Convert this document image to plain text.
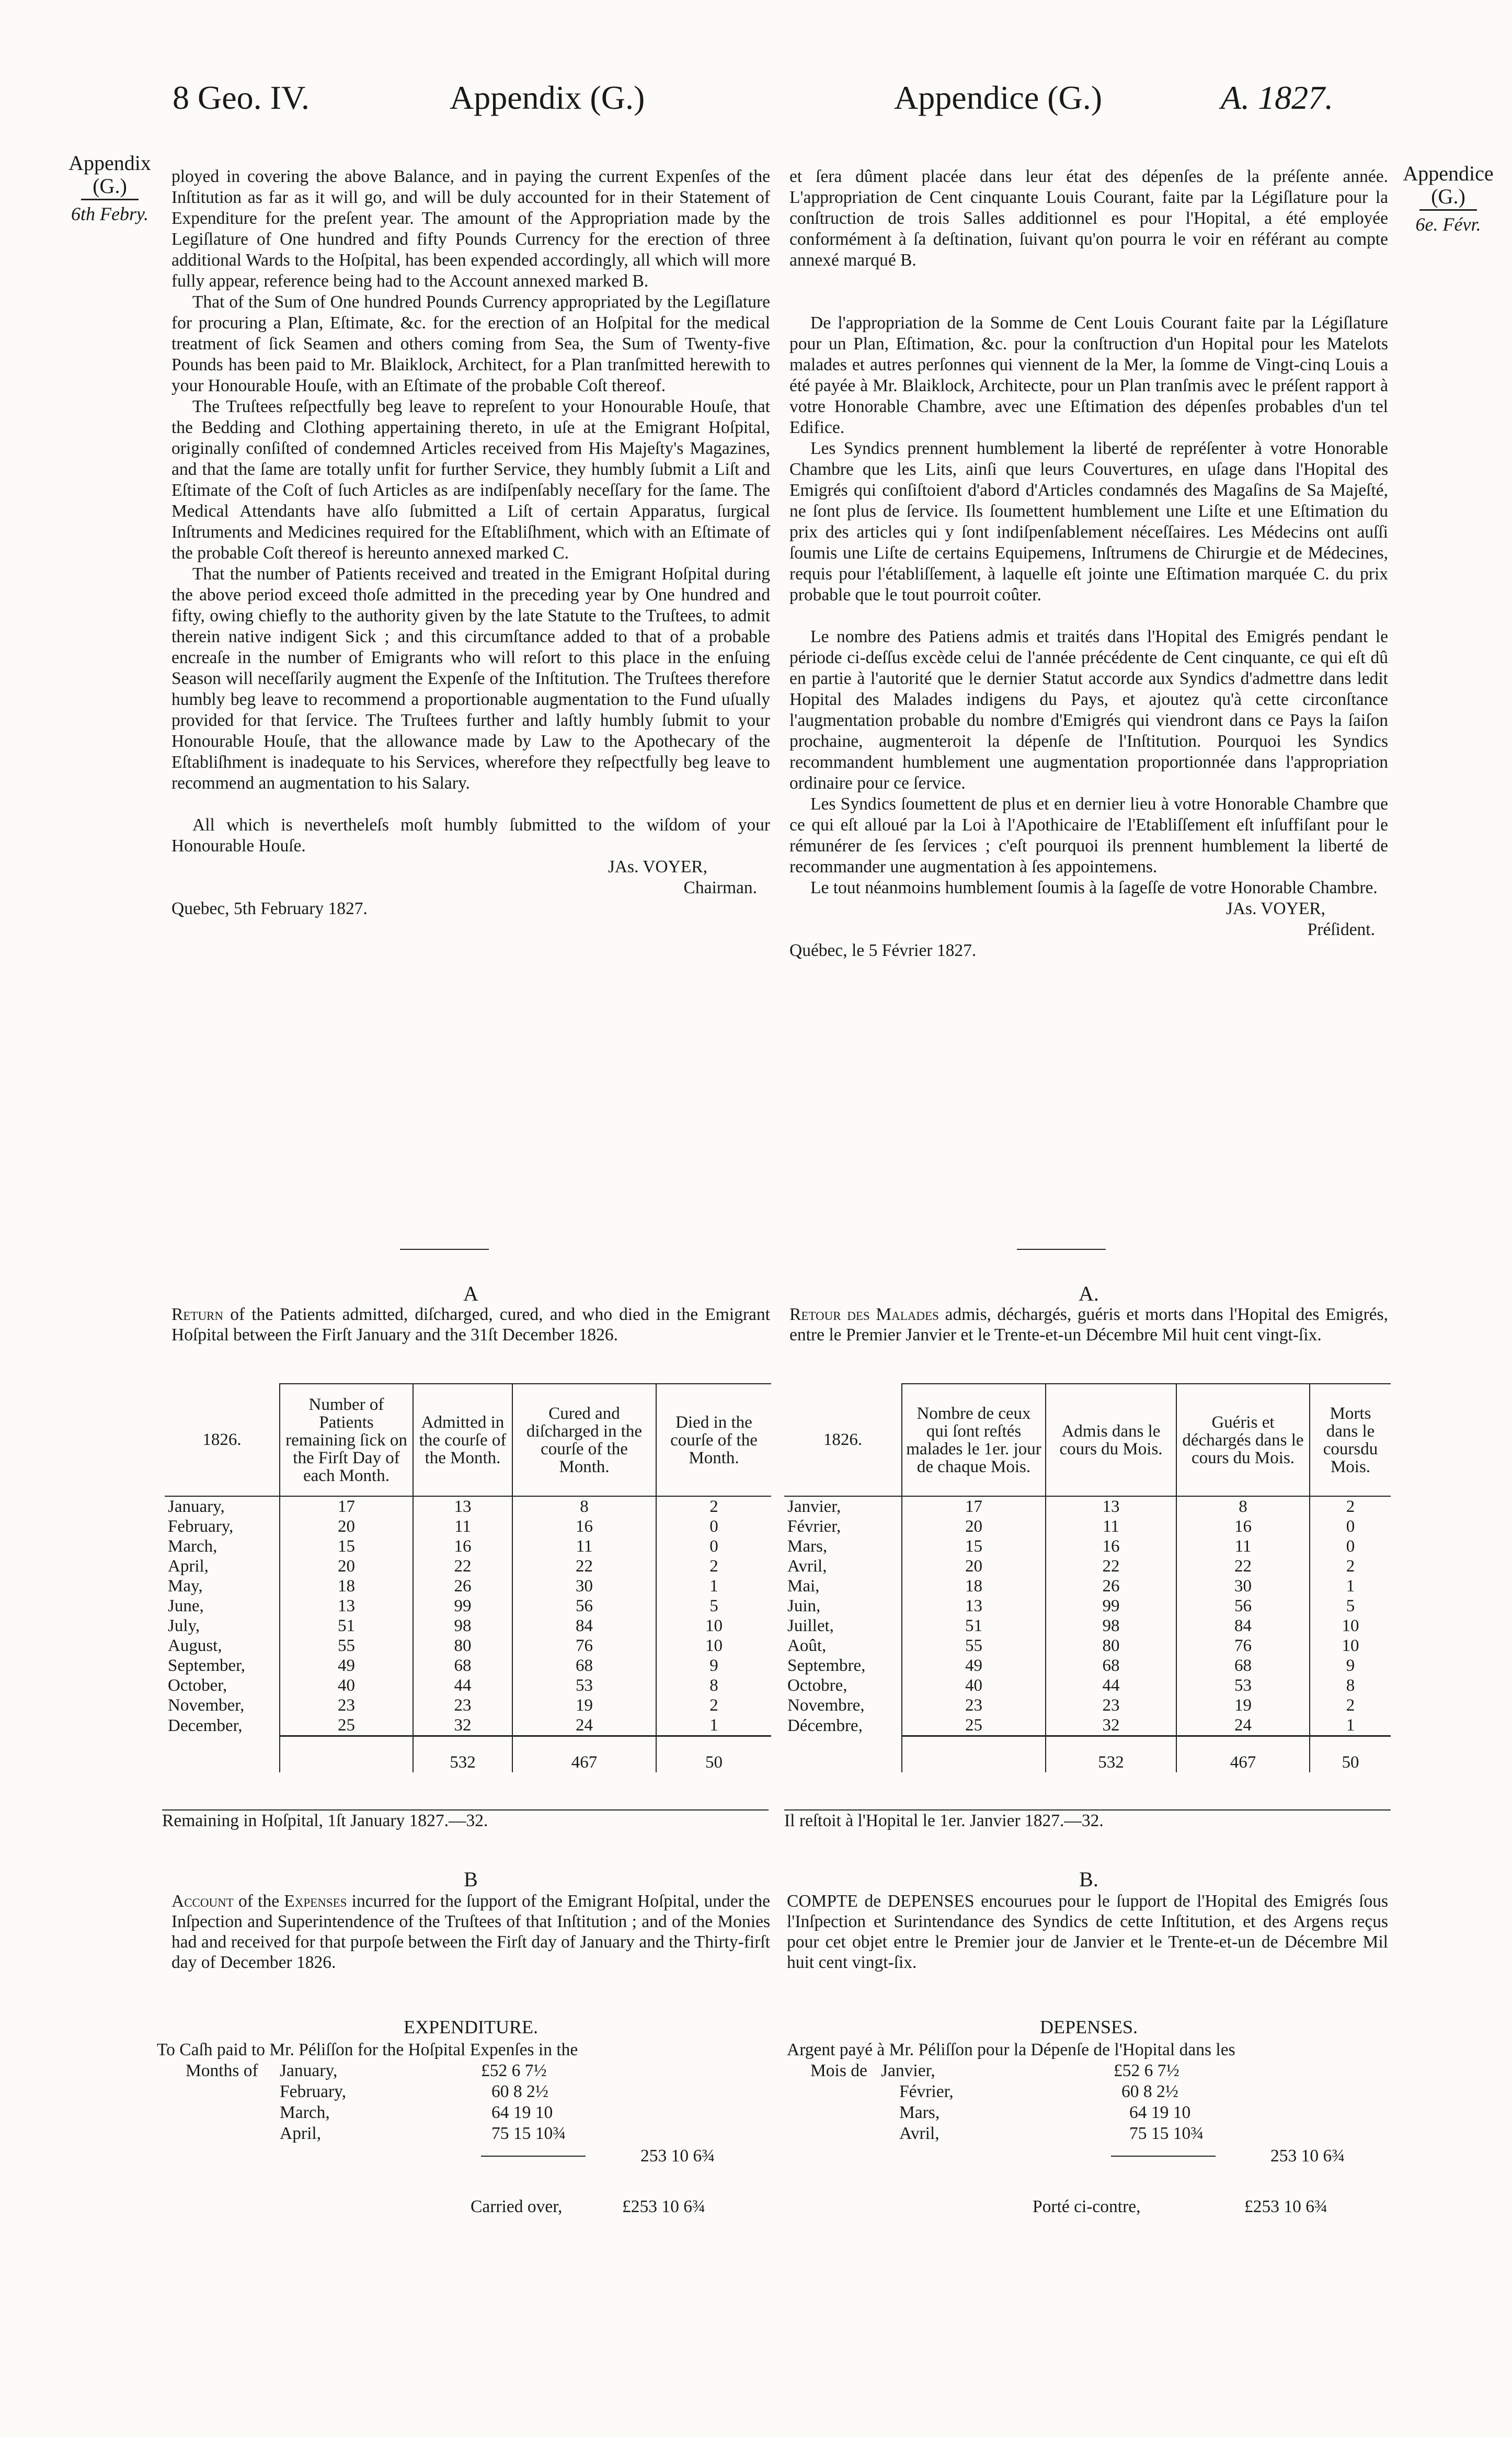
8 Geo. IV.	Appendix (G.)	Appendice (G.)	A. 1827.
Appendix
(G.)
6th Febry.
Appendice
(G.)
6e. Févr.

ployed in covering the above Balance, and in paying the current Expenſes of the Inſtitution as far as it will go, and will be duly accounted for in their Statement of Expenditure for the preſent year. The amount of the Appropriation made by the Legiſlature of One hundred and fifty Pounds Currency for the erection of three additional Wards to the Hoſpital, has been expended accordingly, all which will more fully appear, reference being had to the Account annexed marked B.

That of the Sum of One hundred Pounds Currency appropriated by the Legiſlature for procuring a Plan, Eſtimate, &c. for the erection of an Hoſpital for the medical treatment of ſick Seamen and others coming from Sea, the Sum of Twenty-five Pounds has been paid to Mr. Blaiklock, Architect, for a Plan tranſmitted herewith to your Honourable Houſe, with an Eſtimate of the probable Coſt thereof.

The Truſtees reſpectfully beg leave to repreſent to your Honourable Houſe, that the Bedding and Clothing appertaining thereto, in uſe at the Emigrant Hoſpital, originally conſiſted of condemned Articles received from His Majeſty's Magazines, and that the ſame are totally unfit for further Service, they humbly ſubmit a Liſt and Eſtimate of the Coſt of ſuch Articles as are indiſpenſably neceſſary for the ſame. The Medical Attendants have alſo ſubmitted a Liſt of certain Apparatus, ſurgical Inſtruments and Medicines required for the Eſtabliſhment, which with an Eſtimate of the probable Coſt thereof is hereunto annexed marked C.

That the number of Patients received and treated in the Emigrant Hoſpital during the above period exceed thoſe admitted in the preceding year by One hundred and fifty, owing chiefly to the authority given by the late Statute to the Truſtees, to admit therein native indigent Sick ; and this circumſtance added to that of a probable encreaſe in the number of Emigrants who will reſort to this place in the enſuing Season will neceſſarily augment the Expenſe of the Inſtitution. The Truſtees therefore humbly beg leave to recommend a proportionable augmentation to the Fund uſually provided for that ſervice. The Truſtees further and laſtly humbly ſubmit to your Honourable Houſe, that the allowance made by Law to the Apothecary of the Eſtabliſhment is inadequate to his Services, wherefore they reſpectfully beg leave to recommend an augmentation to his Salary.

All which is nevertheleſs moſt humbly ſubmitted to the wiſdom of your Honourable Houſe.

JAs. VOYER,
Chairman.

Quebec, 5th February 1827.

et ſera dûment placée dans leur état des dépenſes de la préſente année. L'appropriation de Cent cinquante Louis Courant, faite par la Légiſlature pour la conſtruction de trois Salles additionnel es pour l'Hopital, a été employée conformément à ſa deſtination, ſuivant qu'on pourra le voir en référant au compte annexé marqué B.

De l'appropriation de la Somme de Cent Louis Courant faite par la Légiſlature pour un Plan, Eſtimation, &c. pour la conſtruction d'un Hopital pour les Matelots malades et autres perſonnes qui viennent de la Mer, la ſomme de Vingt-cinq Louis a été payée à Mr. Blaiklock, Architecte, pour un Plan tranſmis avec le préſent rapport à votre Honorable Chambre, avec une Eſtimation des dépenſes probables d'un tel Edifice.

Les Syndics prennent humblement la liberté de repréſenter à votre Honorable Chambre que les Lits, ainſi que leurs Couvertures, en uſage dans l'Hopital des Emigrés qui conſiſtoient d'abord d'Articles condamnés des Magaſins de Sa Majeſté, ne ſont plus de ſervice. Ils ſoumettent humblement une Liſte et une Eſtimation du prix des articles qui y ſont indiſpenſablement néceſſaires. Les Médecins ont auſſi ſoumis une Liſte de certains Equipemens, Inſtrumens de Chirurgie et de Médecines, requis pour l'établiſſement, à laquelle eſt jointe une Eſtimation marquée C. du prix probable que le tout pourroit coûter.

Le nombre des Patiens admis et traités dans l'Hopital des Emigrés pendant le période ci-deſſus excède celui de l'année précédente de Cent cinquante, ce qui eſt dû en partie à l'autorité que le dernier Statut accorde aux Syndics d'admettre dans ledit Hopital des Malades indigens du Pays, et ajoutez qu'à cette circonſtance l'augmentation probable du nombre d'Emigrés qui viendront dans ce Pays la ſaiſon prochaine, augmenteroit la dépenſe de l'Inſtitution. Pourquoi les Syndics recommandent humblement une augmentation proportionnée dans l'appropriation ordinaire pour ce ſervice.

Les Syndics ſoumettent de plus et en dernier lieu à votre Honorable Chambre que ce qui eſt alloué par la Loi à l'Apothicaire de l'Etabliſſement eſt inſuffiſant pour le rémunérer de ſes ſervices ; c'eſt pourquoi ils prennent humblement la liberté de recommander une augmentation à ſes appointemens.

Le tout néanmoins humblement ſoumis à la ſageſſe de votre Honorable Chambre.

JAs. VOYER,
Préſident.

Québec, le 5 Février 1827.

A
Return of the Patients admitted, diſcharged, cured, and who died in the Emigrant Hoſpital between the Firſt January and the 31ſt December 1826.
1826.	Number of Patients remaining ſick on the Firſt Day of each Month.	Admitted in the courſe of the Month.	Cured and diſcharged in the courſe of the Month.	Died in the courſe of the Month.
January,	17	13	8	2
February,	20	11	16	0
March,	15	16	11	0
April,	20	22	22	2
May,	18	26	30	1
June,	13	99	56	5
July,	51	98	84	10
August,	55	80	76	10
September,	49	68	68	9
October,	40	44	53	8
November,	23	23	19	2
December,	25	32	24	1
		532	467	50
Remaining in Hoſpital, 1ſt January 1827.—32.
A.
Retour des Malades admis, déchargés, guéris et morts dans l'Hopital des Emigrés, entre le Premier Janvier et le Trente-et-un Décembre Mil huit cent vingt-ſix.
1826.	Nombre de ceux qui ſont reſtés malades le 1er. jour de chaque Mois.	Admis dans le cours du Mois.	Guéris et déchargés dans le cours du Mois.	Morts dans le coursdu Mois.
Janvier,	17	13	8	2
Février,	20	11	16	0
Mars,	15	16	11	0
Avril,	20	22	22	2
Mai,	18	26	30	1
Juin,	13	99	56	5
Juillet,	51	98	84	10
Août,	55	80	76	10
Septembre,	49	68	68	9
Octobre,	40	44	53	8
Novembre,	23	23	19	2
Décembre,	25	32	24	1
		532	467	50
Il reſtoit à l'Hopital le 1er. Janvier 1827.—32.
B
Account of the Expenses incurred for the ſupport of the Emigrant Hoſpital, under the Inſpection and Superintendence of the Truſtees of that Inſtitution ; and of the Monies had and received for that purpoſe between the Firſt day of January and the Thirty-firſt day of December 1826.
EXPENDITURE.
To Caſh paid to Mr. Péliſſon for the Hoſpital Expenſes in the
Months of January,	£52 6 7½
February,	60 8 2½
March,	64 19 10
April,	75 15 10¾
253 10 6¾
Carried over,	£253 10 6¾
B.
COMPTE de DEPENSES encourues pour le ſupport de l'Hopital des Emigrés ſous l'Inſpection et Surintendance des Syndics de cette Inſtitution, et des Argens reçus pour cet objet entre le Premier jour de Janvier et le Trente-et-un de Décembre Mil huit cent vingt-ſix.
DEPENSES.
Argent payé à Mr. Péliſſon pour la Dépenſe de l'Hopital dans les
Mois de Janvier,	£52 6 7½
Février,	60 8 2½
Mars,	64 19 10
Avril,	75 15 10¾
253 10 6¾
Porté ci-contre,	£253 10 6¾
